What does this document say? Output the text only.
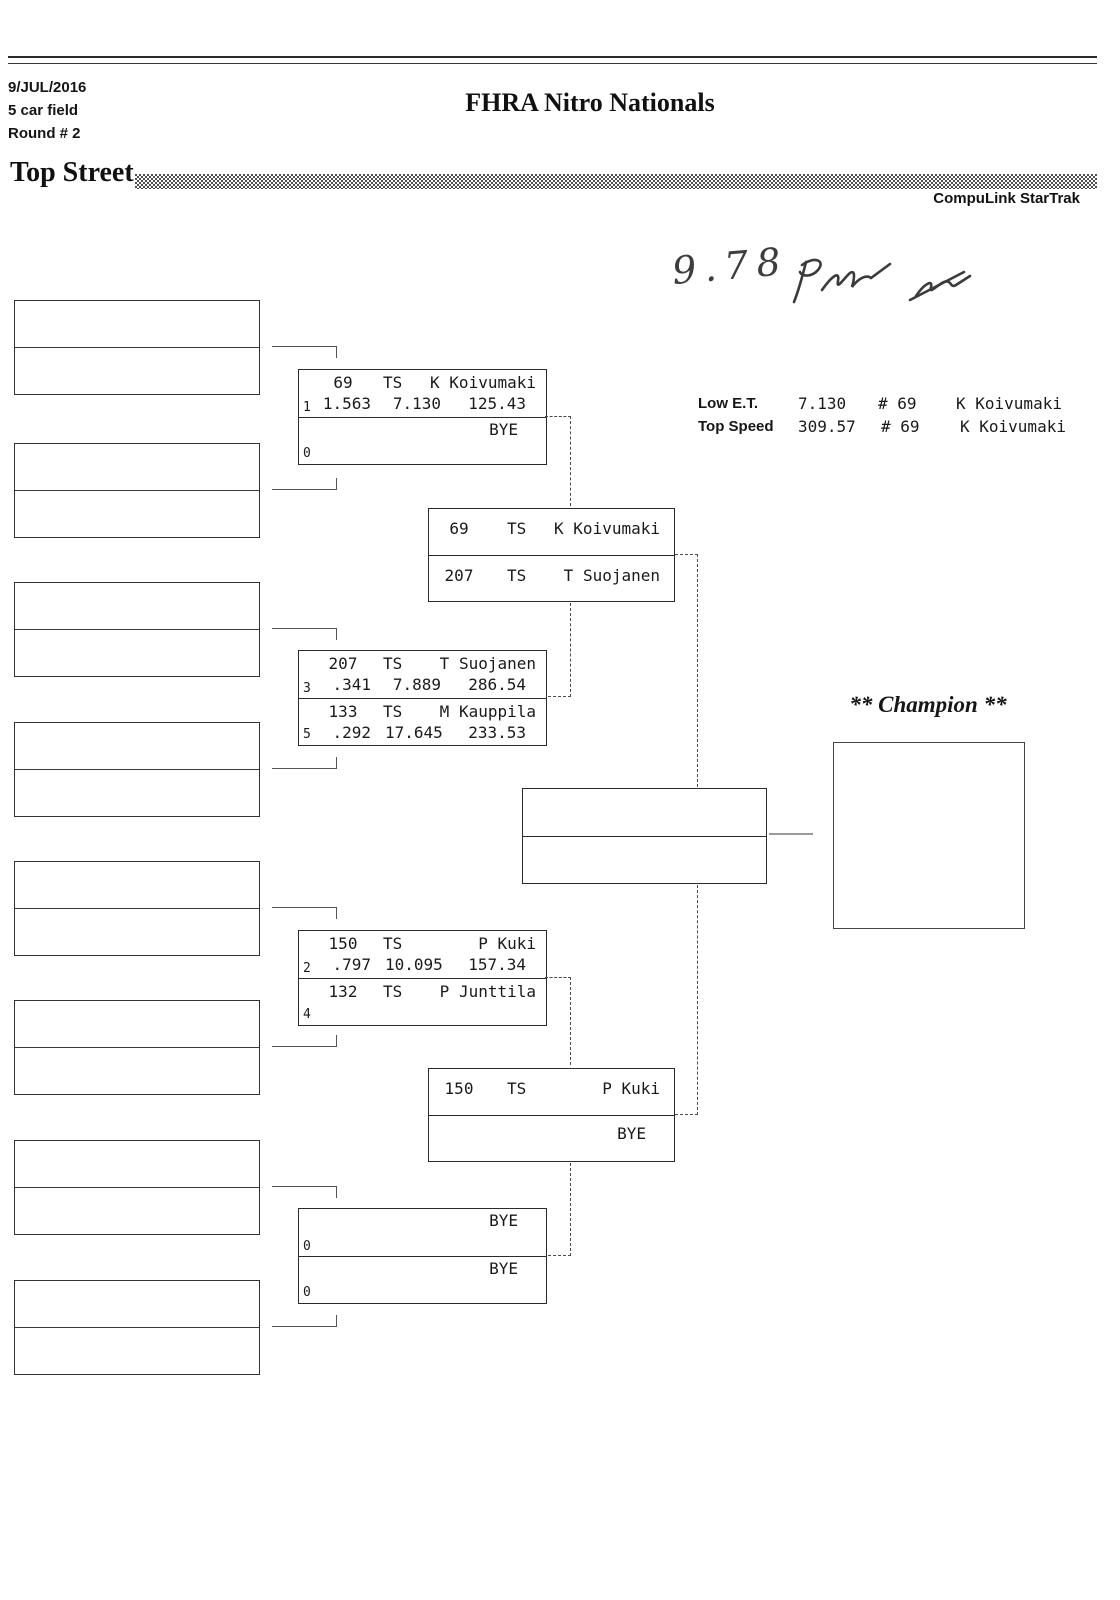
9/JUL/2016
5 car field
Round # 2
FHRA Nitro Nationals
Top Street
CompuLink StarTrak
9.78
Low E.T.	7.130 # 69 K Koivumaki
Top Speed	309.57 # 69	K Koivumaki
69	TS K Koivumaki
1 1.563	7.130 125.43
BYE
0
207	TS T Suojanen
3	.341	7.889 286.54
133	TS M Kauppila
5	.292 17.645 233.53
150	TS	P Kuki
2	.797 10.095 157.34
132	TS P Junttila
4
BYE
0
BYE
0
69	TS K Koivumaki
207	TS T Suojanen
150	TS	P Kuki
BYE
** Champion **
